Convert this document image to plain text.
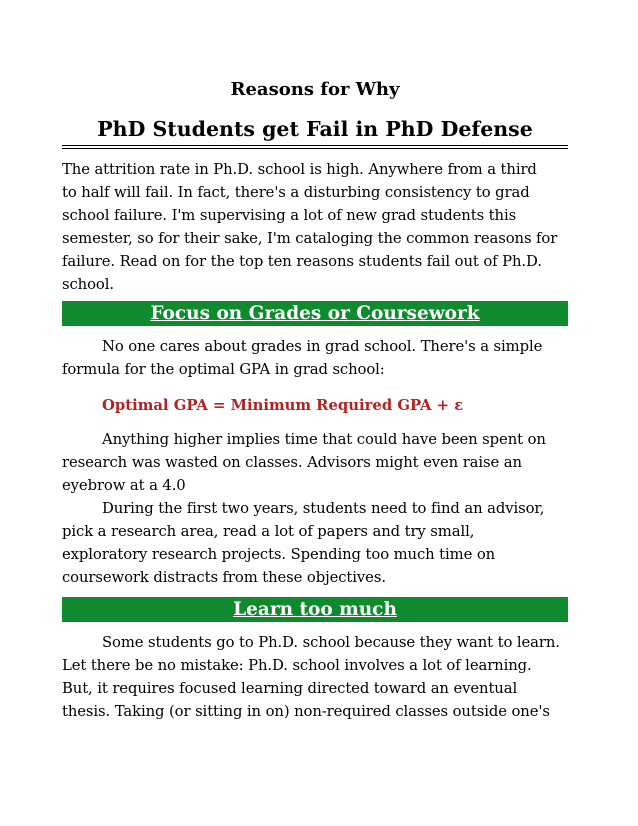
Reasons for Why
PhD Students get Fail in PhD Defense
The attrition rate in Ph.D. school is high. Anywhere from a third
to half will fail. In fact, there's a disturbing consistency to grad
school failure. I'm supervising a lot of new grad students this
semester, so for their sake, I'm cataloging the common reasons for
failure. Read on for the top ten reasons students fail out of Ph.D.
school.
Focus on Grades or Coursework
No one cares about grades in grad school. There's a simple
formula for the optimal GPA in grad school:
Optimal GPA = Minimum Required GPA + ε
Anything higher implies time that could have been spent on
research was wasted on classes. Advisors might even raise an
eyebrow at a 4.0
During the first two years, students need to find an advisor,
pick a research area, read a lot of papers and try small,
exploratory research projects. Spending too much time on
coursework distracts from these objectives.
Learn too much
Some students go to Ph.D. school because they want to learn.
Let there be no mistake: Ph.D. school involves a lot of learning.
But, it requires focused learning directed toward an eventual
thesis. Taking (or sitting in on) non-required classes outside one's
